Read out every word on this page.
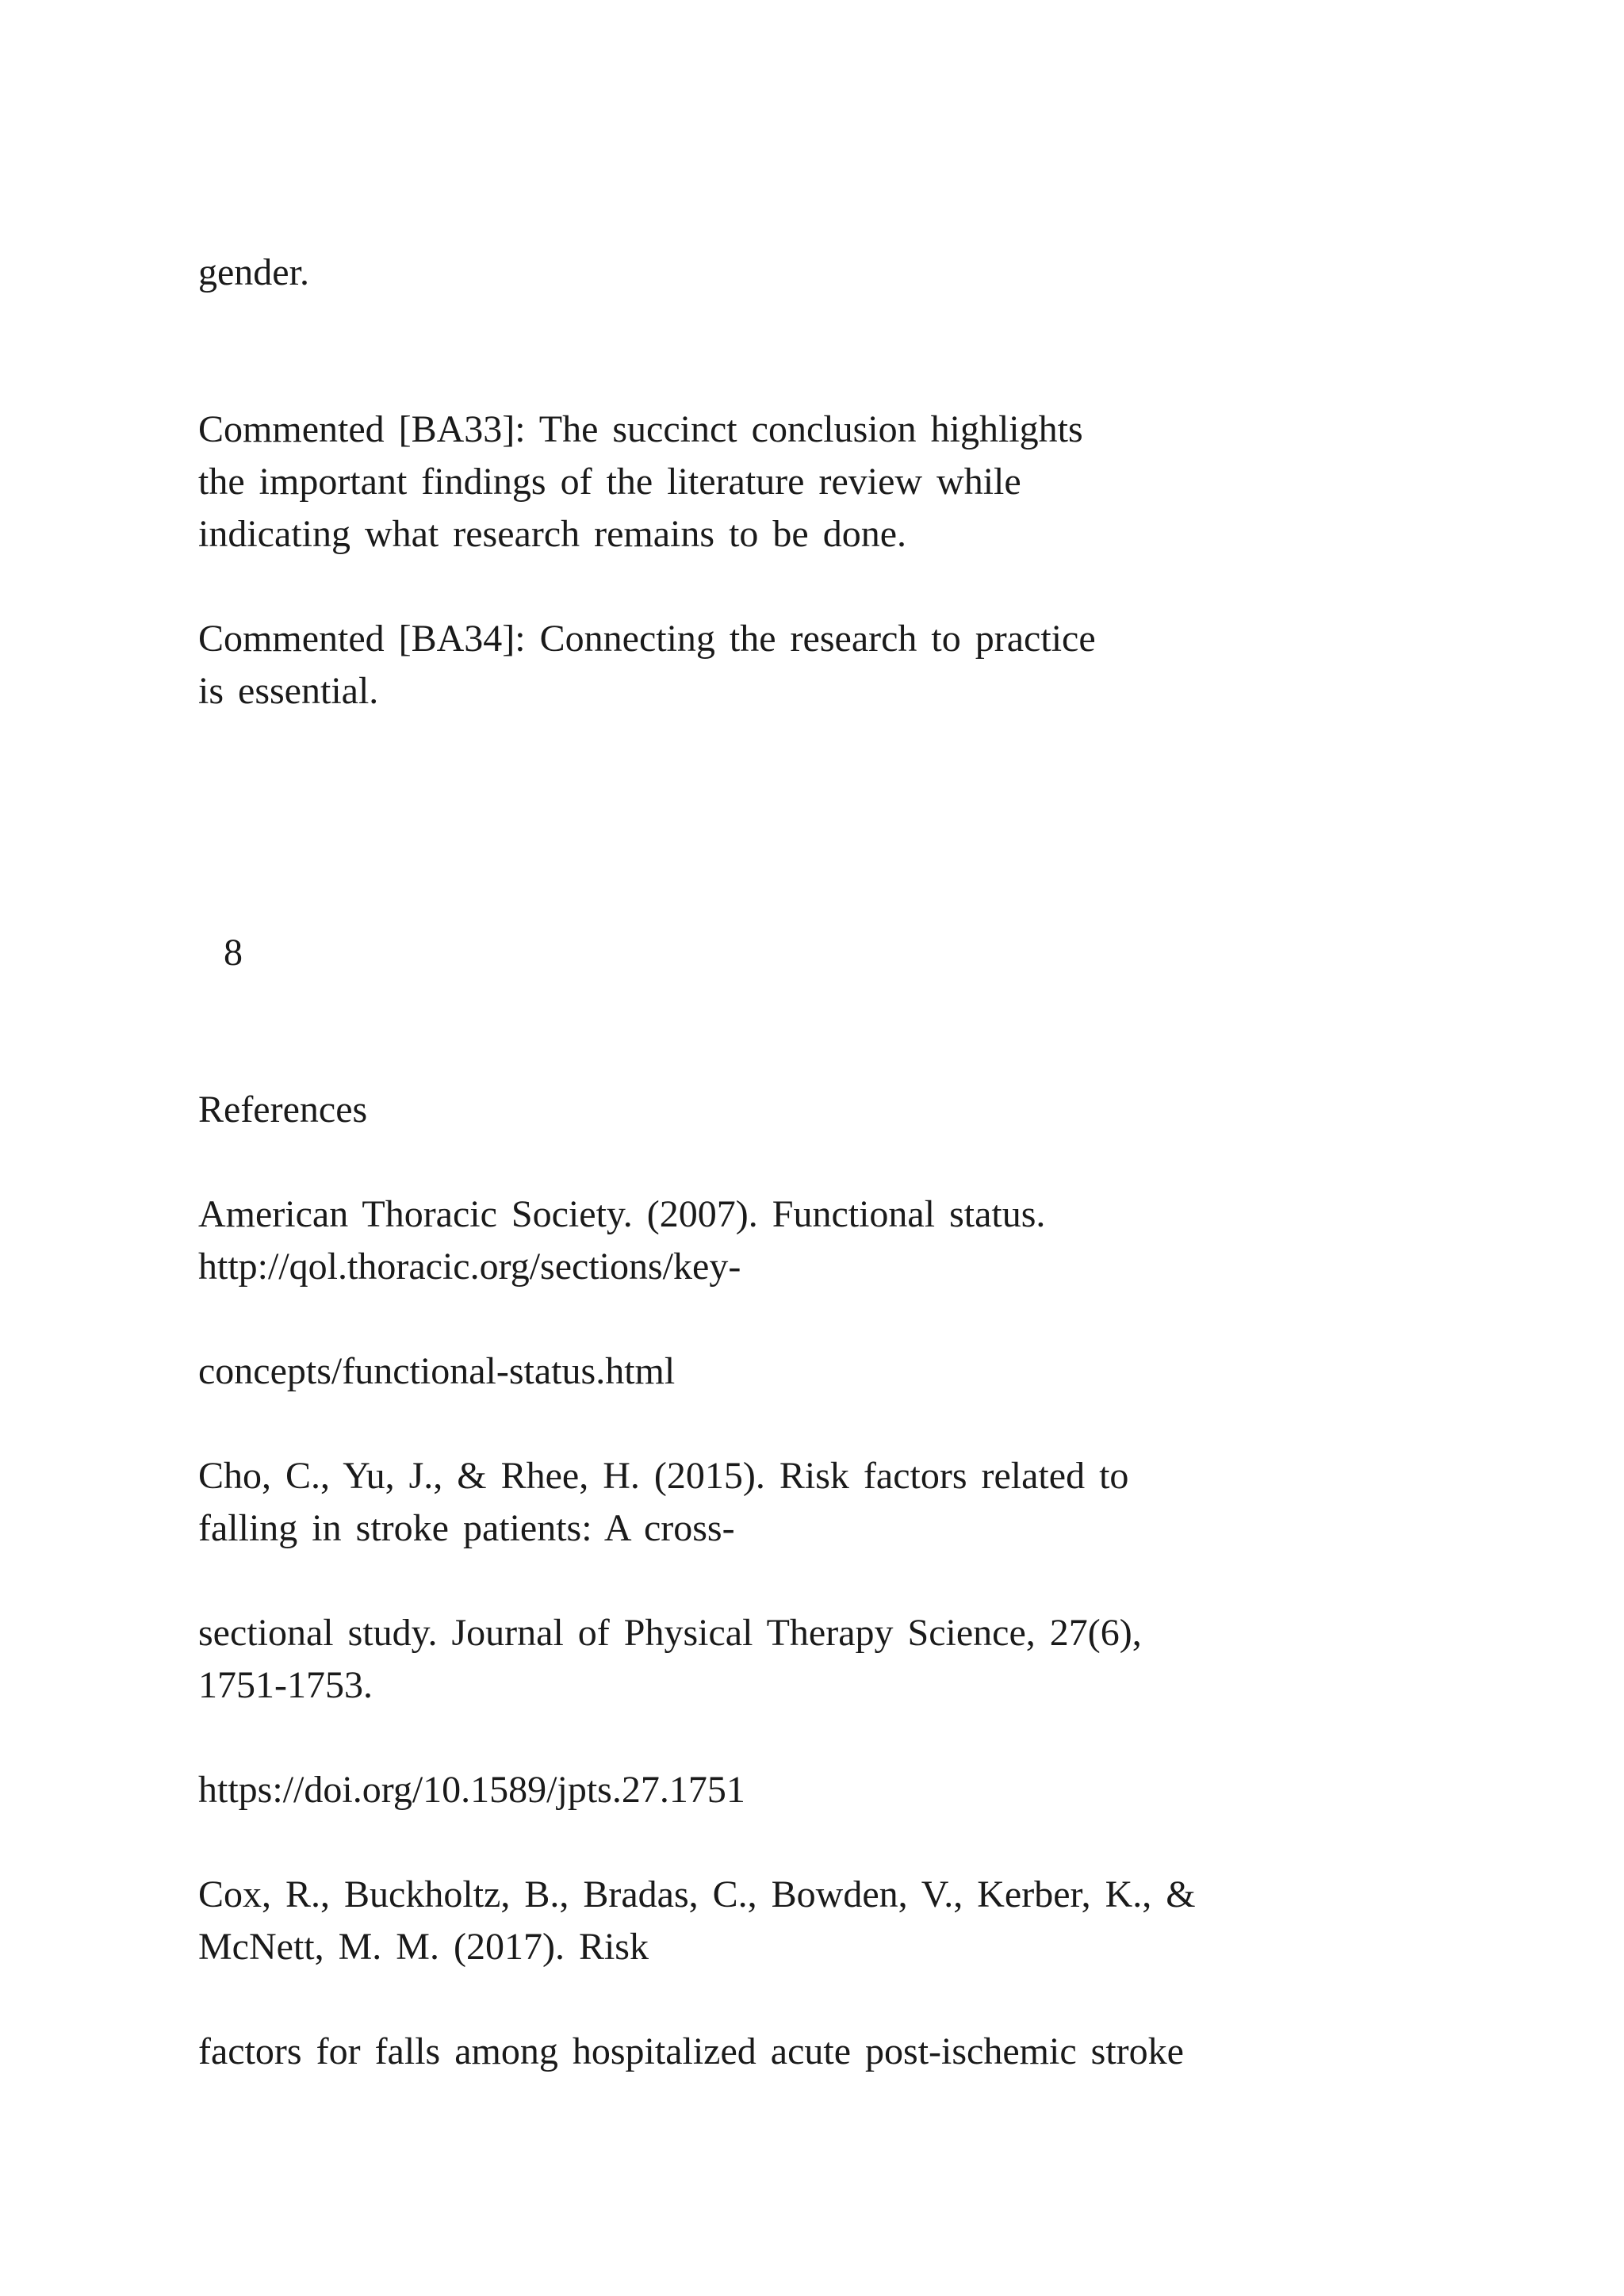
gender.
Commented [BA33]: The succinct conclusion highlights
the important findings of the literature review while
indicating what research remains to be done.
Commented [BA34]: Connecting the research to practice
is essential.
8
References
American Thoracic Society. (2007). Functional status.
http://qol.thoracic.org/sections/key-
concepts/functional-status.html
Cho, C., Yu, J., & Rhee, H. (2015). Risk factors related to
falling in stroke patients: A cross-
sectional study. Journal of Physical Therapy Science, 27(6),
1751-1753.
https://doi.org/10.1589/jpts.27.1751
Cox, R., Buckholtz, B., Bradas, C., Bowden, V., Kerber, K., &
McNett, M. M. (2017). Risk
factors for falls among hospitalized acute post-ischemic stroke
